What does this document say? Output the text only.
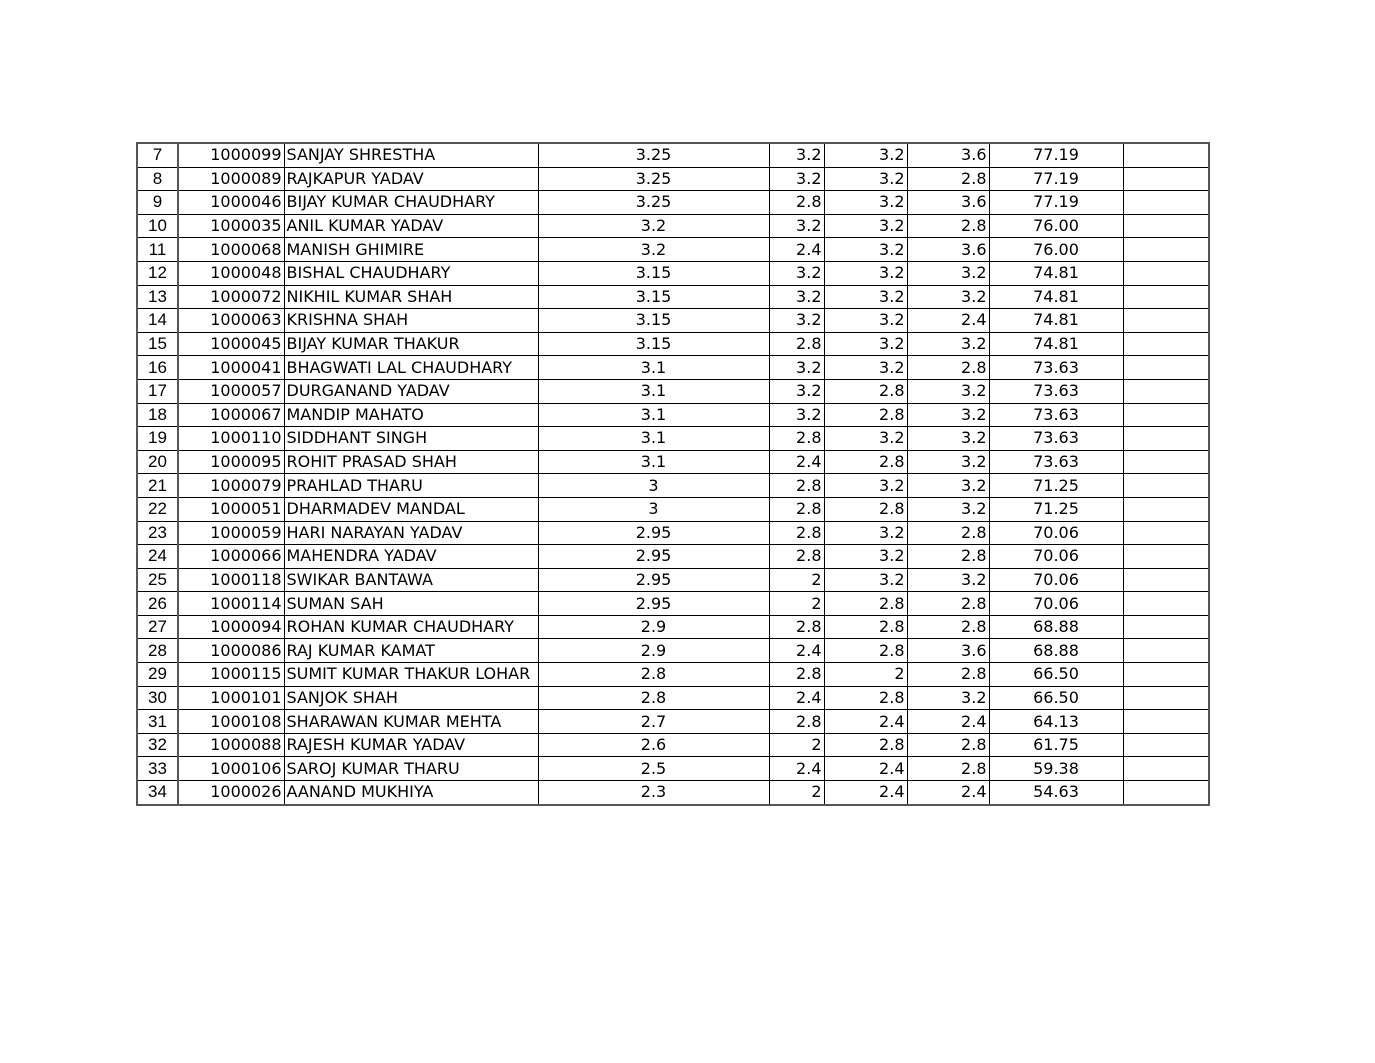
7	1000099	SANJAY SHRESTHA	3.25	3.2	3.2	3.6	77.19	
8	1000089	RAJKAPUR YADAV	3.25	3.2	3.2	2.8	77.19	
9	1000046	BIJAY KUMAR CHAUDHARY	3.25	2.8	3.2	3.6	77.19	
10	1000035	ANIL KUMAR YADAV	3.2	3.2	3.2	2.8	76.00	
11	1000068	MANISH GHIMIRE	3.2	2.4	3.2	3.6	76.00	
12	1000048	BISHAL CHAUDHARY	3.15	3.2	3.2	3.2	74.81	
13	1000072	NIKHIL KUMAR SHAH	3.15	3.2	3.2	3.2	74.81	
14	1000063	KRISHNA SHAH	3.15	3.2	3.2	2.4	74.81	
15	1000045	BIJAY KUMAR THAKUR	3.15	2.8	3.2	3.2	74.81	
16	1000041	BHAGWATI LAL CHAUDHARY	3.1	3.2	3.2	2.8	73.63	
17	1000057	DURGANAND YADAV	3.1	3.2	2.8	3.2	73.63	
18	1000067	MANDIP MAHATO	3.1	3.2	2.8	3.2	73.63	
19	1000110	SIDDHANT SINGH	3.1	2.8	3.2	3.2	73.63	
20	1000095	ROHIT PRASAD SHAH	3.1	2.4	2.8	3.2	73.63	
21	1000079	PRAHLAD THARU	3	2.8	3.2	3.2	71.25	
22	1000051	DHARMADEV MANDAL	3	2.8	2.8	3.2	71.25	
23	1000059	HARI NARAYAN YADAV	2.95	2.8	3.2	2.8	70.06	
24	1000066	MAHENDRA YADAV	2.95	2.8	3.2	2.8	70.06	
25	1000118	SWIKAR BANTAWA	2.95	2	3.2	3.2	70.06	
26	1000114	SUMAN SAH	2.95	2	2.8	2.8	70.06	
27	1000094	ROHAN KUMAR CHAUDHARY	2.9	2.8	2.8	2.8	68.88	
28	1000086	RAJ KUMAR KAMAT	2.9	2.4	2.8	3.6	68.88	
29	1000115	SUMIT KUMAR THAKUR LOHAR	2.8	2.8	2	2.8	66.50	
30	1000101	SANJOK SHAH	2.8	2.4	2.8	3.2	66.50	
31	1000108	SHARAWAN KUMAR MEHTA	2.7	2.8	2.4	2.4	64.13	
32	1000088	RAJESH KUMAR YADAV	2.6	2	2.8	2.8	61.75	
33	1000106	SAROJ KUMAR THARU	2.5	2.4	2.4	2.8	59.38	
34	1000026	AANAND MUKHIYA	2.3	2	2.4	2.4	54.63	
